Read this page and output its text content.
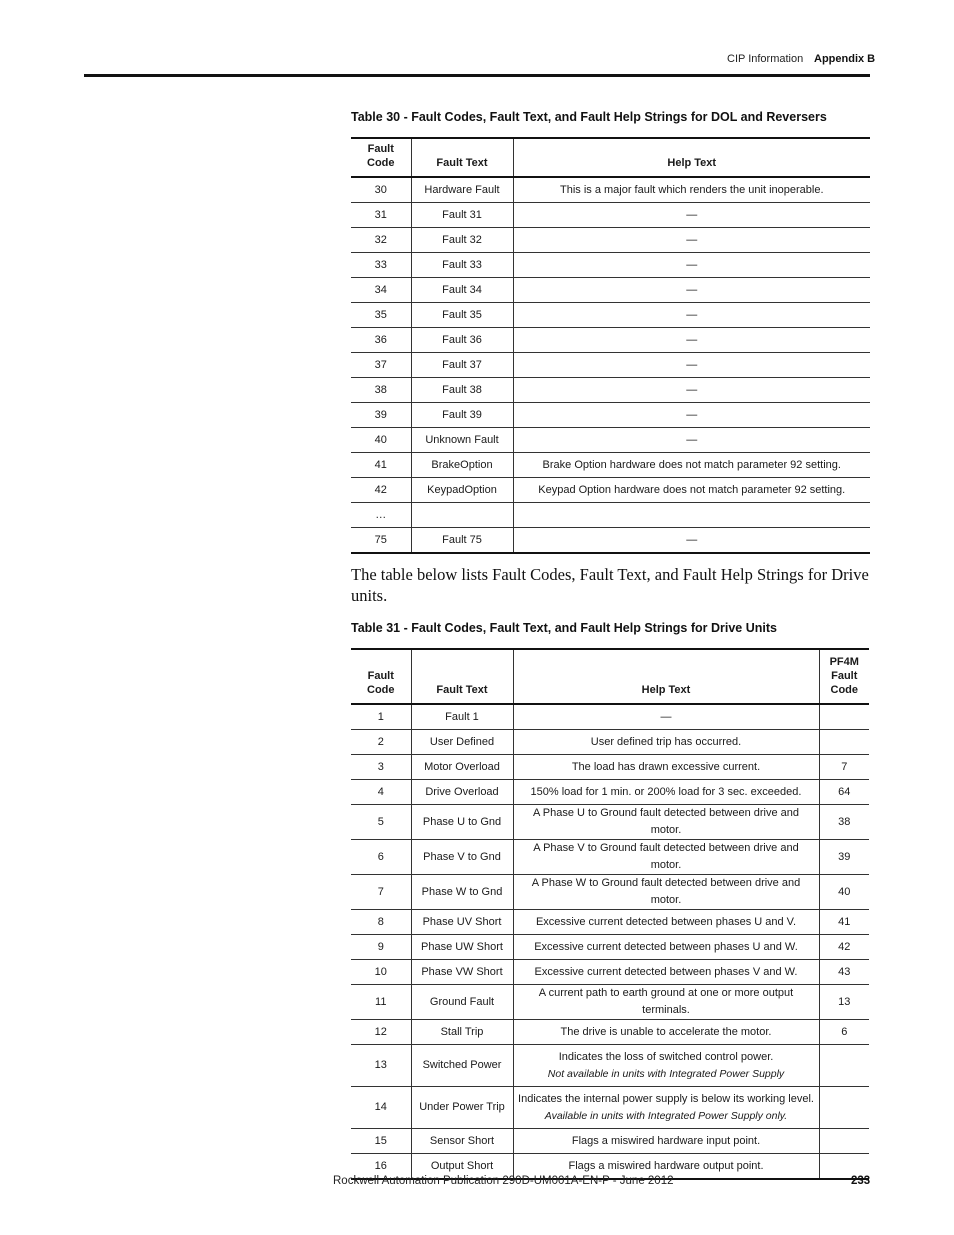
CIP Information Appendix B
Table 30 - Fault Codes, Fault Text, and Fault Help Strings for DOL and Reversers
Fault Code	Fault Text	Help Text
30	Hardware Fault	This is a major fault which renders the unit inoperable.
31	Fault 31	—
32	Fault 32	—
33	Fault 33	—
34	Fault 34	—
35	Fault 35	—
36	Fault 36	—
37	Fault 37	—
38	Fault 38	—
39	Fault 39	—
40	Unknown Fault	—
41	BrakeOption	Brake Option hardware does not match parameter 92 setting.
42	KeypadOption	Keypad Option hardware does not match parameter 92 setting.
…		
75	Fault 75	—
The table below lists Fault Codes, Fault Text, and Fault Help Strings for Drive units.
Table 31 - Fault Codes, Fault Text, and Fault Help Strings for Drive Units
Fault Code	Fault Text	Help Text	PF4M Fault Code
1	Fault 1	—	
2	User Defined	User defined trip has occurred.	
3	Motor Overload	The load has drawn excessive current.	7
4	Drive Overload	150% load for 1 min. or 200% load for 3 sec. exceeded.	64
5	Phase U to Gnd	A Phase U to Ground fault detected between drive and motor.	38
6	Phase V to Gnd	A Phase V to Ground fault detected between drive and motor.	39
7	Phase W to Gnd	A Phase W to Ground fault detected between drive and motor.	40
8	Phase UV Short	Excessive current detected between phases U and V.	41
9	Phase UW Short	Excessive current detected between phases U and W.	42
10	Phase VW Short	Excessive current detected between phases V and W.	43
11	Ground Fault	A current path to earth ground at one or more output terminals.	13
12	Stall Trip	The drive is unable to accelerate the motor.	6
13	Switched Power	Indicates the loss of switched control power.
Not available in units with Integrated Power Supply	

14	Under Power Trip	Indicates the internal power supply is below its working level.
Available in units with Integrated Power Supply only.	

15	Sensor Short	Flags a miswired hardware input point.	
16	Output Short	Flags a miswired hardware output point.	
Rockwell Automation Publication 290D-UM001A-EN-P - June 2012	233
